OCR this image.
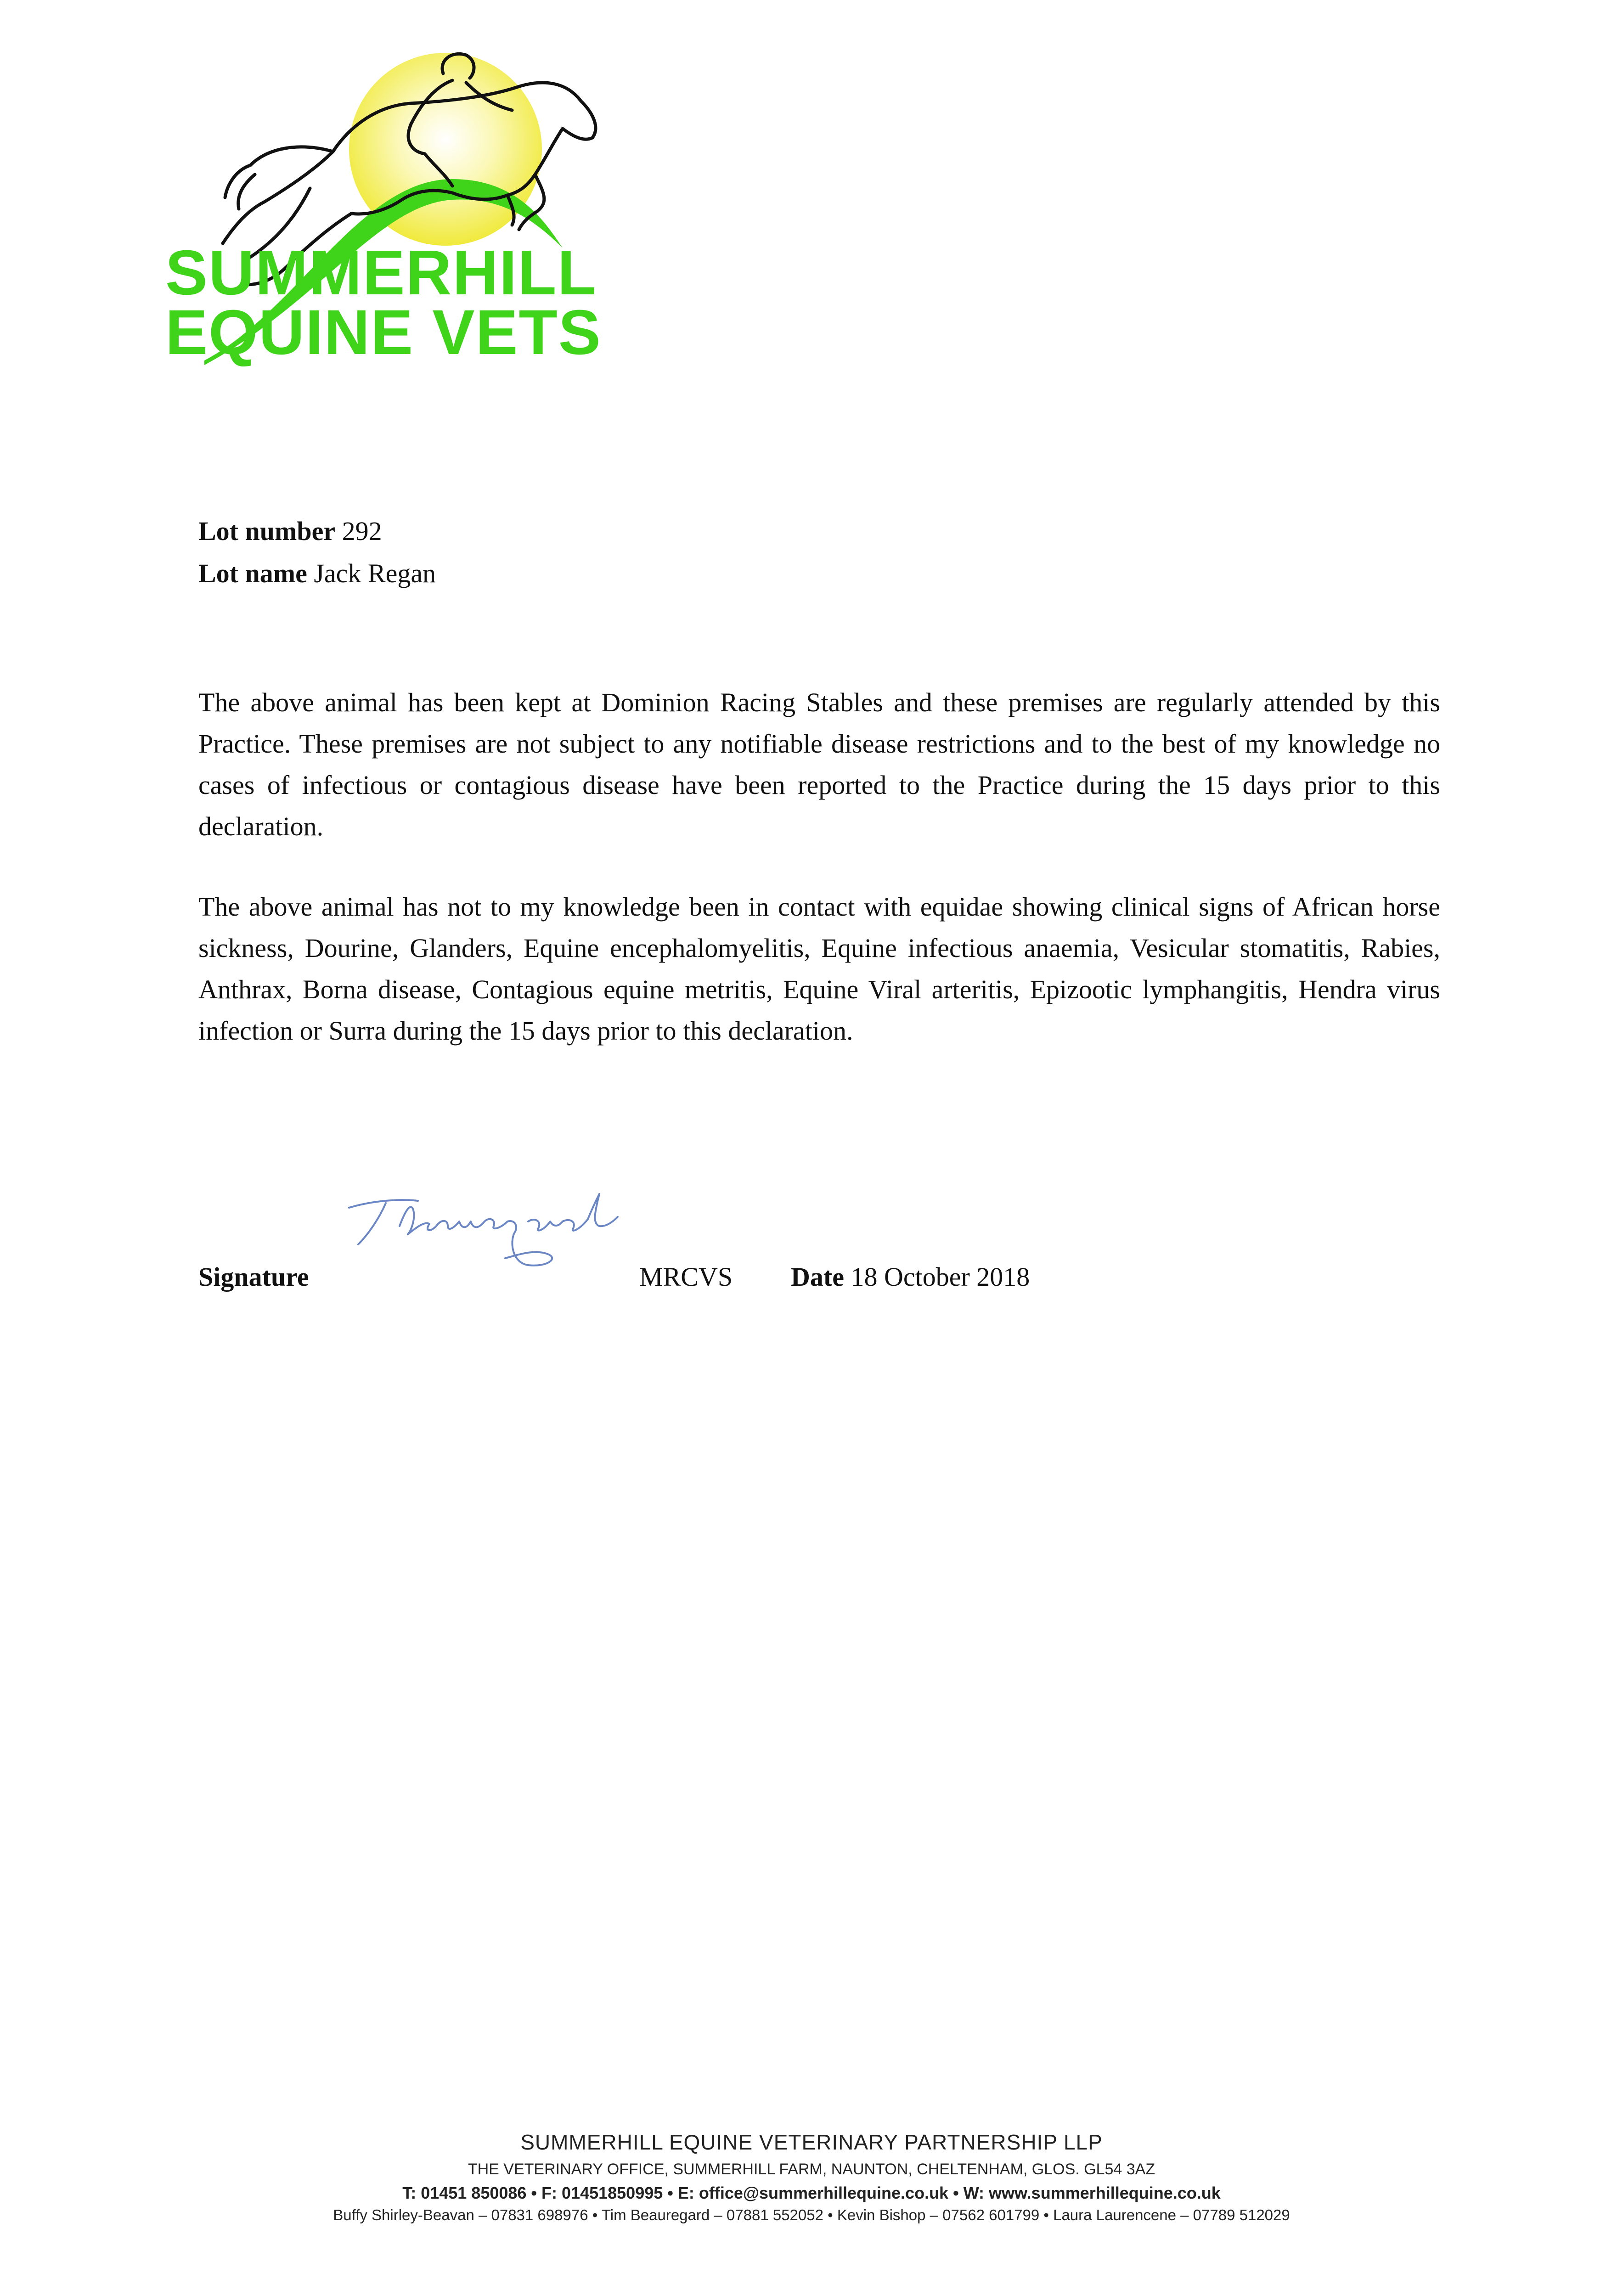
SUMMERHILL
EQUINE VETS
Lot number 292
Lot name Jack Regan

The above animal has been kept at Dominion Racing Stables and these premises are regularly attended by this Practice. These premises are not subject to any notifiable disease restrictions and to the best of my knowledge no cases of infectious or contagious disease have been reported to the Practice during the 15 days prior to this declaration.

The above animal has not to my knowledge been in contact with equidae showing clinical signs of African horse sickness, Dourine, Glanders, Equine encephalomyelitis, Equine infectious anaemia, Vesicular stomatitis, Rabies, Anthrax, Borna disease, Contagious equine metritis, Equine Viral arteritis, Epizootic lymphangitis, Hendra virus infection or Surra during the 15 days prior to this declaration.

TBeauregard
Signature	MRCVS Date 18 October 2018
SUMMERHILL EQUINE VETERINARY PARTNERSHIP LLP
THE VETERINARY OFFICE, SUMMERHILL FARM, NAUNTON, CHELTENHAM, GLOS. GL54 3AZ
T: 01451 850086 • F: 01451850995 • E: office@summerhillequine.co.uk • W: www.summerhillequine.co.uk
Buffy Shirley-Beavan – 07831 698976 • Tim Beauregard – 07881 552052 • Kevin Bishop – 07562 601799 • Laura Laurencene – 07789 512029
